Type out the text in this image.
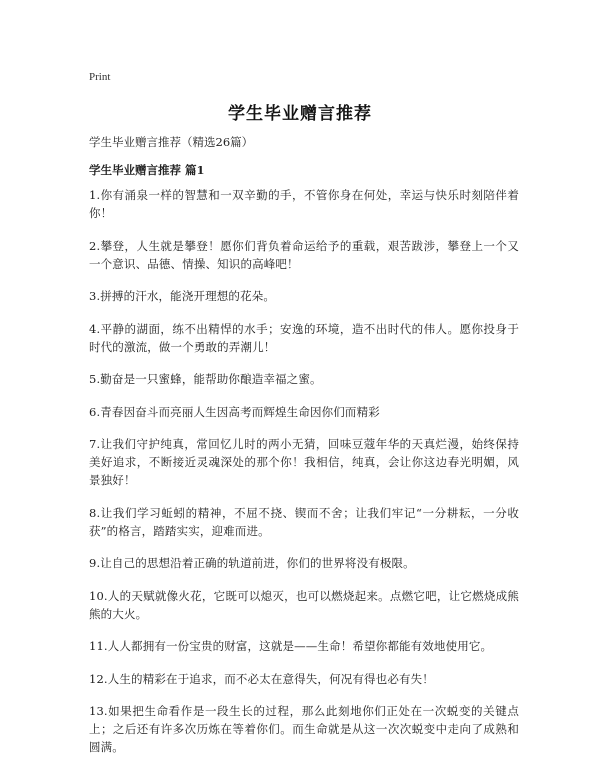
Print
学生毕业赠言推荐

学生毕业赠言推荐（精选26篇）

学生毕业赠言推荐 篇1

1.你有涌泉一样的智慧和一双辛勤的手，不管你身在何处，幸运与快乐时刻陪伴着你！

2.攀登，人生就是攀登！愿你们背负着命运给予的重载，艰苦跋涉，攀登上一个又一个意识、品德、情操、知识的高峰吧！

3.拼搏的汗水，能浇开理想的花朵。

4.平静的湖面，练不出精悍的水手；安逸的环境，造不出时代的伟人。愿你投身于时代的激流，做一个勇敢的弄潮儿！

5.勤奋是一只蜜蜂，能帮助你酿造幸福之蜜。

6.青春因奋斗而亮丽人生因高考而辉煌生命因你们而精彩

7.让我们守护纯真，常回忆儿时的两小无猜，回味豆蔻年华的天真烂漫，始终保持美好追求，不断接近灵魂深处的那个你！我相信，纯真，会让你这边春光明媚，风景独好！

8.让我们学习蚯蚓的精神，不屈不挠、锲而不舍；让我们牢记“一分耕耘，一分收获”的格言，踏踏实实，迎难而进。

9.让自己的思想沿着正确的轨道前进，你们的世界将没有极限。

10.人的天赋就像火花，它既可以熄灭，也可以燃烧起来。点燃它吧，让它燃烧成熊熊的大火。

11.人人都拥有一份宝贵的财富，这就是——生命！希望你都能有效地使用它。

12.人生的精彩在于追求，而不必太在意得失，何况有得也必有失！

13.如果把生命看作是一段生长的过程，那么此刻地你们正处在一次蜕变的关键点上；之后还有许多次历炼在等着你们。而生命就是从这一次次蜕变中走向了成熟和圆满。
